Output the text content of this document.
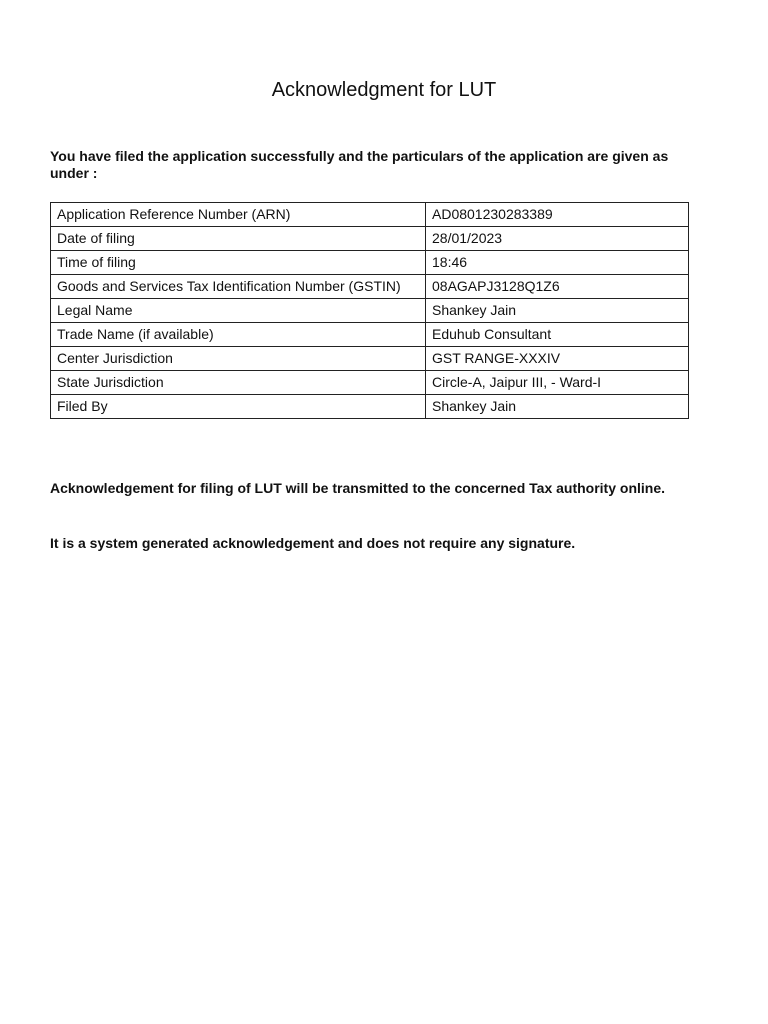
Acknowledgment for LUT

You have filed the application successfully and the particulars of the application are given as under :

Application Reference Number (ARN)	AD0801230283389
Date of filing	28/01/2023
Time of filing	18:46
Goods and Services Tax Identification Number (GSTIN)	08AGAPJ3128Q1Z6
Legal Name	Shankey Jain
Trade Name (if available)	Eduhub Consultant
Center Jurisdiction	GST RANGE-XXXIV
State Jurisdiction	Circle-A, Jaipur III, - Ward-I
Filed By	Shankey Jain

Acknowledgement for filing of LUT will be transmitted to the concerned Tax authority online.

It is a system generated acknowledgement and does not require any signature.
